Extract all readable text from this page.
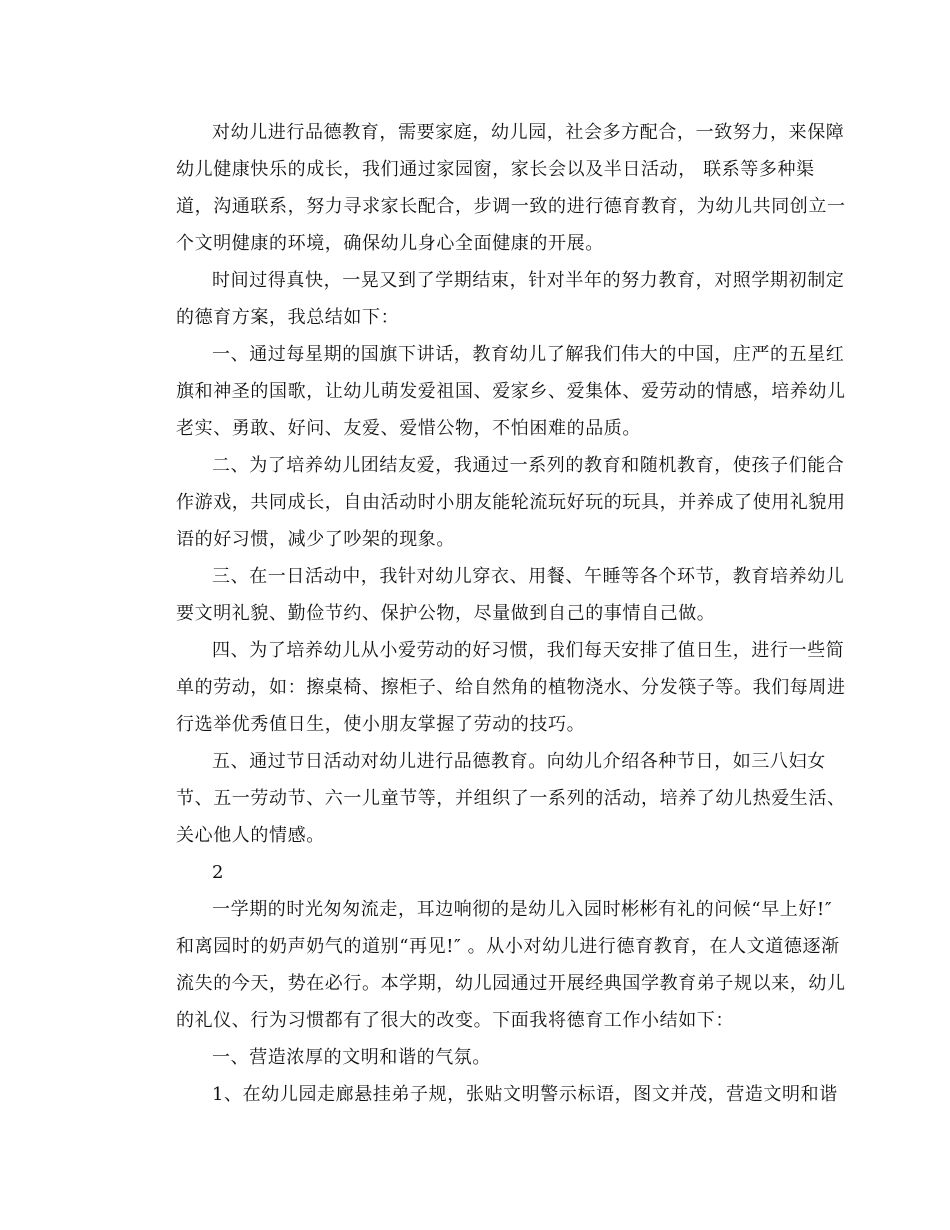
对幼儿进行品德教育，需要家庭，幼儿园，社会多方配合，一致努力，来保障
幼儿健康快乐的成长，我们通过家园窗，家长会以及半日活动， 联系等多种渠
道，沟通联系，努力寻求家长配合，步调一致的进行德育教育，为幼儿共同创立一
个文明健康的环境，确保幼儿身心全面健康的开展。

时间过得真快，一晃又到了学期结束，针对半年的努力教育，对照学期初制定
的德育方案，我总结如下：

一、通过每星期的国旗下讲话，教育幼儿了解我们伟大的中国，庄严的五星红
旗和神圣的国歌，让幼儿萌发爱祖国、爱家乡、爱集体、爱劳动的情感，培养幼儿
老实、勇敢、好问、友爱、爱惜公物，不怕困难的品质。

二、为了培养幼儿团结友爱，我通过一系列的教育和随机教育，使孩子们能合
作游戏，共同成长，自由活动时小朋友能轮流玩好玩的玩具，并养成了使用礼貌用
语的好习惯，减少了吵架的现象。

三、在一日活动中，我针对幼儿穿衣、用餐、午睡等各个环节，教育培养幼儿
要文明礼貌、勤俭节约、保护公物，尽量做到自己的事情自己做。

四、为了培养幼儿从小爱劳动的好习惯，我们每天安排了值日生，进行一些简
单的劳动，如：擦桌椅、擦柜子、给自然角的植物浇水、分发筷子等。我们每周进
行选举优秀值日生，使小朋友掌握了劳动的技巧。

五、通过节日活动对幼儿进行品德教育。向幼儿介绍各种节日，如三八妇女
节、五一劳动节、六一儿童节等，并组织了一系列的活动，培养了幼儿热爱生活、
关心他人的情感。

2

一学期的时光匆匆流走，耳边响彻的是幼儿入园时彬彬有礼的问候“早上好!″
和离园时的奶声奶气的道别“再见!″ 。从小对幼儿进行德育教育，在人文道德逐渐
流失的今天，势在必行。本学期，幼儿园通过开展经典国学教育弟子规以来，幼儿
的礼仪、行为习惯都有了很大的改变。下面我将德育工作小结如下：

一、营造浓厚的文明和谐的气氛。

1、在幼儿园走廊悬挂弟子规，张贴文明警示标语，图文并茂，营造文明和谐
